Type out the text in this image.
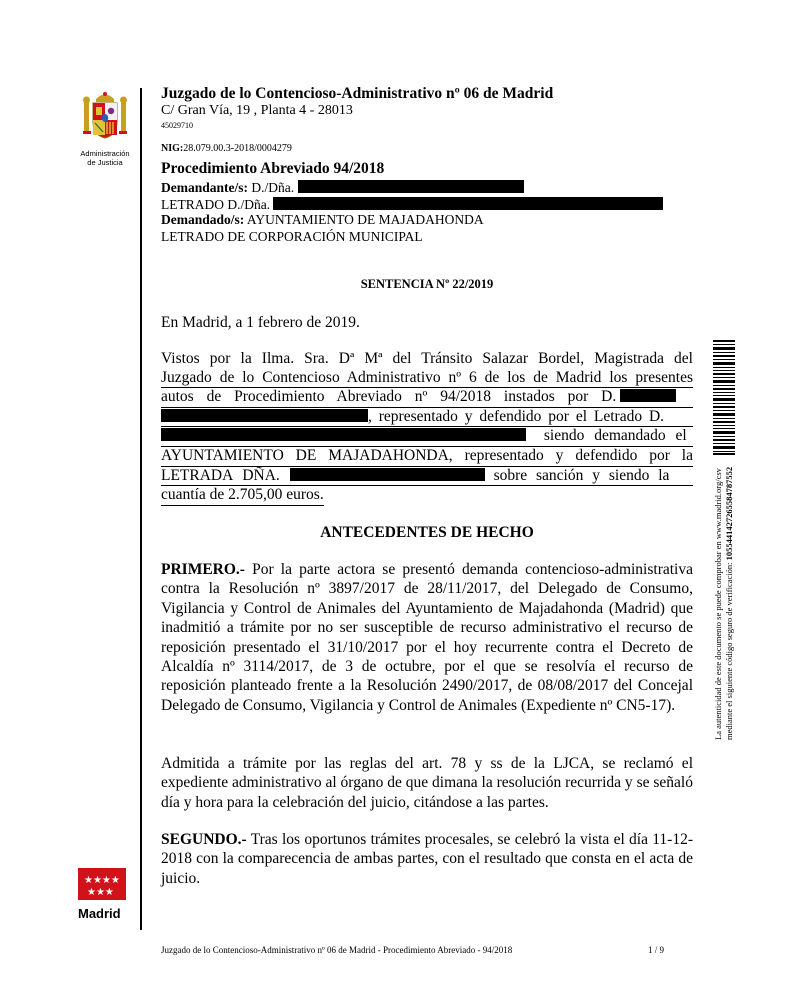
Administración
de Justicia
★★★★
★★★
Madrid
Juzgado de lo Contencioso-Administrativo nº 06 de Madrid
C/ Gran Vía, 19 , Planta 4 - 28013
45029710
NIG:28.079.00.3-2018/0004279
Procedimiento Abreviado 94/2018
Demandante/s: D./Dña.
LETRADO D./Dña.
Demandado/s: AYUNTAMIENTO DE MAJADAHONDA
LETRADO DE CORPORACIÓN MUNICIPAL
SENTENCIA Nº 22/2019
En Madrid, a 1 febrero de 2019.
Vistos por la Ilma. Sra. Dª Mª del Tránsito Salazar Bordel, Magistrada del
Juzgado de lo Contencioso Administrativo nº 6 de los de Madrid los presentes
autos de Procedimiento Abreviado nº 94/2018 instados por D.
, representado y defendido por el Letrado D.
siendo demandado el
AYUNTAMIENTO DE MAJADAHONDA, representado y defendido por la
LETRADA DÑA.	sobre sanción y siendo la
cuantía de 2.705,00 euros.
ANTECEDENTES DE HECHO

PRIMERO.- Por la parte actora se presentó demanda contencioso-administrativa contra la Resolución nº 3897/2017 de 28/11/2017, del Delegado de Consumo, Vigilancia y Control de Animales del Ayuntamiento de Majadahonda (Madrid) que inadmitió a trámite por no ser susceptible de recurso administrativo el recurso de reposición presentado el 31/10/2017 por el hoy recurrente contra el Decreto de Alcaldía nº 3114/2017, de 3 de octubre, por el que se resolvía el recurso de reposición planteado frente a la Resolución 2490/2017, de 08/08/2017 del Concejal Delegado de Consumo, Vigilancia y Control de Animales (Expediente nº CN5-17).

Admitida a trámite por las reglas del art. 78 y ss de la LJCA, se reclamó el expediente administrativo al órgano de que dimana la resolución recurrida y se señaló día y hora para la celebración del juicio, citándose a las partes.

SEGUNDO.- Tras los oportunos trámites procesales, se celebró la vista el día 11-12-2018 con la comparecencia de ambas partes, con el resultado que consta en el acta de juicio.

La autenticidad de este documento se puede comprobar en www.madrid.org/csv mediante el siguiente código seguro de verificación: 1055441427265584787552
Juzgado de lo Contencioso-Administrativo nº 06 de Madrid - Procedimiento Abreviado - 94/2018	1 / 9
